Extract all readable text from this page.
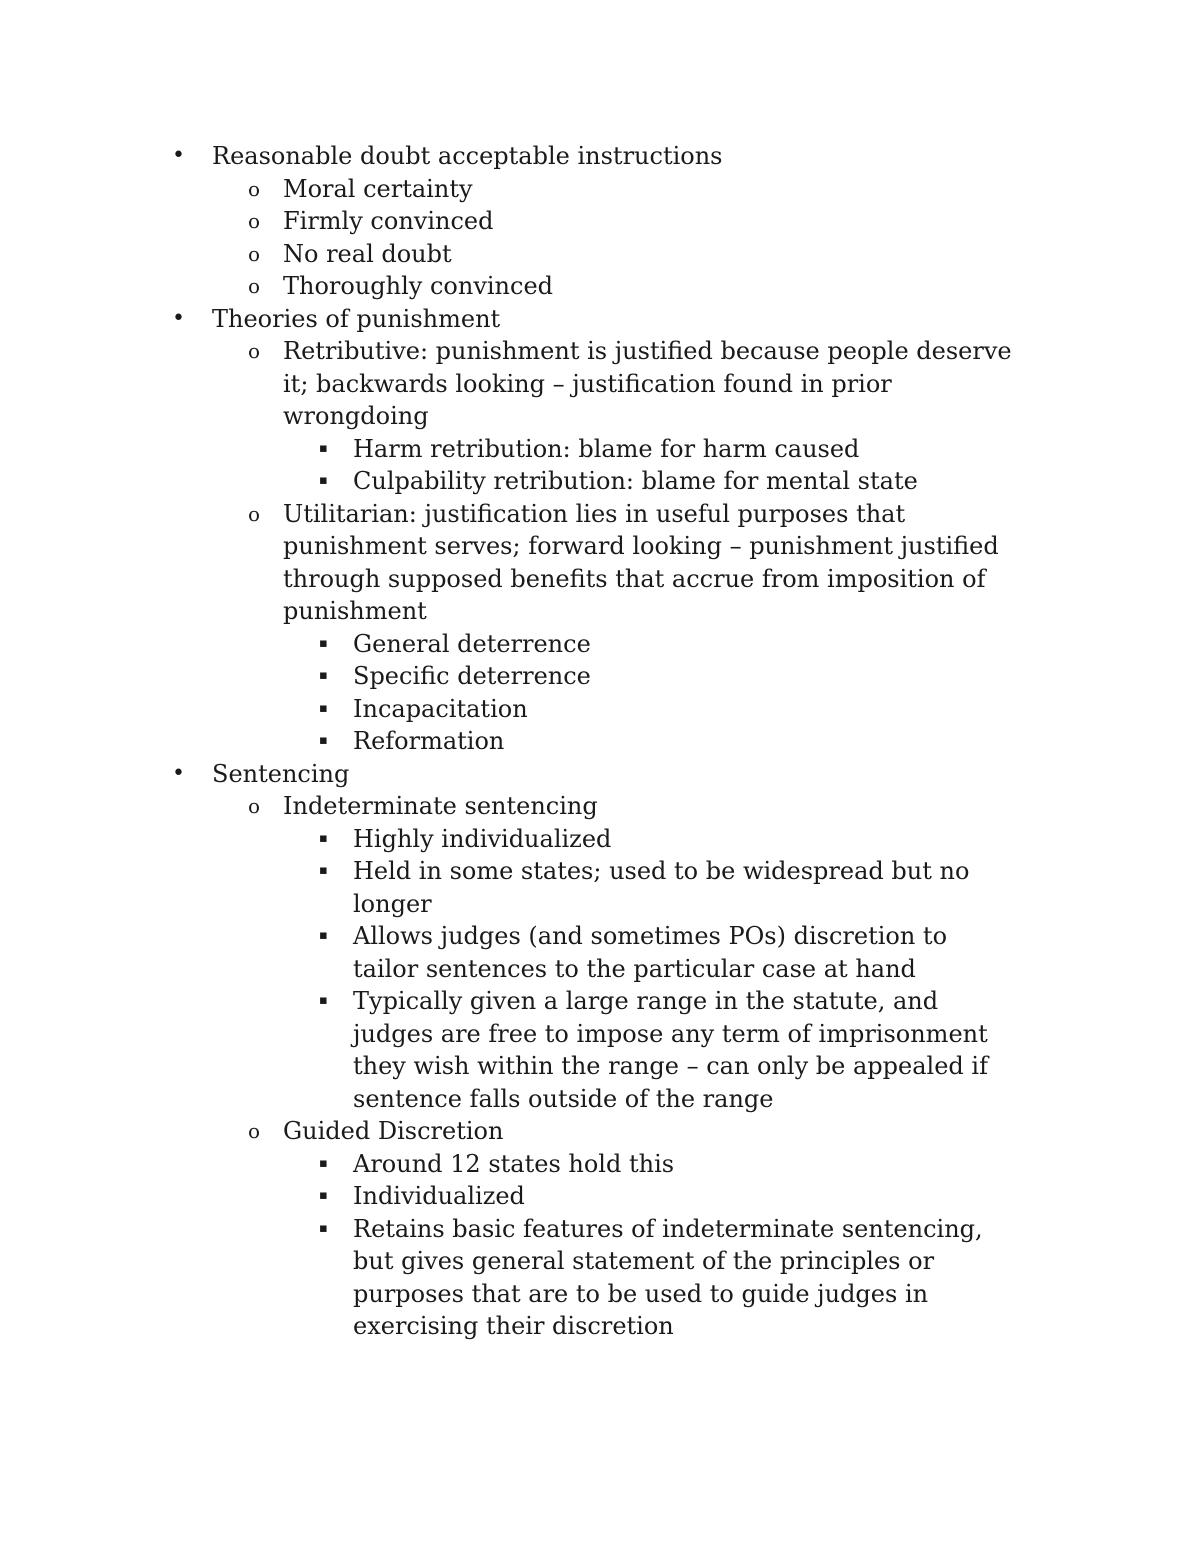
• Reasonable doubt acceptable instructions
o Moral certainty
o Firmly convinced
o No real doubt
o Thoroughly convinced
• Theories of punishment
o Retributive: punishment is justified because people deserve
it; backwards looking – justification found in prior
wrongdoing
▪ Harm retribution: blame for harm caused
▪ Culpability retribution: blame for mental state
o Utilitarian: justification lies in useful purposes that
punishment serves; forward looking – punishment justified
through supposed benefits that accrue from imposition of
punishment
▪ General deterrence
▪ Specific deterrence
▪ Incapacitation
▪ Reformation
• Sentencing
o Indeterminate sentencing
▪ Highly individualized
▪ Held in some states; used to be widespread but no
longer
▪ Allows judges (and sometimes POs) discretion to
tailor sentences to the particular case at hand
▪ Typically given a large range in the statute, and
judges are free to impose any term of imprisonment
they wish within the range – can only be appealed if
sentence falls outside of the range
o Guided Discretion
▪ Around 12 states hold this
▪ Individualized
▪ Retains basic features of indeterminate sentencing,
but gives general statement of the principles or
purposes that are to be used to guide judges in
exercising their discretion
